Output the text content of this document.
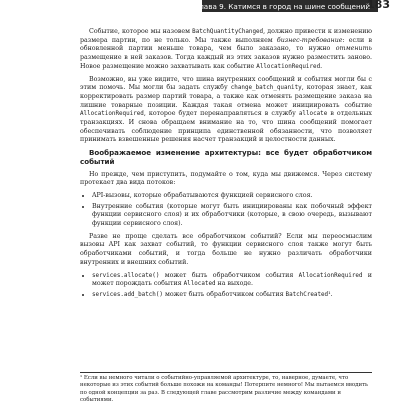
Глава 9. Катимся в город на шине сообщений
183

Событие, которое мы назовем BatchQuantityChanged, должно привести к изменению размера партии, по не только. Мы также выполняем бизнес-требование: если в обновленной партии меньше товара, чем было заказано, то нужно отменить размещение в ней заказов. Тогда каждый из этих заказов нужно разместить заново. Новое размещение можно захватывать как событие AllocationRequired.

Возможно, вы уже видите, что шина внутренних сообщений и события могли бы с этим помочь. Мы могли бы задать службу change_batch_quanity, которая знает, как корректировать размер партий товара, а также как отменять размещение заказа на лишние товарные позиции. Каждая такая отмена может инициировать событие AllocationRequired, которое будет перенаправляться в службу allocate в отдельных транзакциях. И снова обращаем внимание на то, что шина сообщений помогает обеспечивать соблюдение принципа единственной обязанности, что позволяет принимать взвешенные решения насчет транзакций и целостности данных.

Воображаемое изменение архитектуры: все будет обработчиком событий

Но прежде, чем приступить, подумайте о том, куда мы движемся. Через систему протекает два вида потоков:

• API-вызовы, которые обрабатываются функцией сервисного слоя.
• Внутренние события (которые могут быть инициированы как побочный эффект функции сервисного слоя) и их обработчики (которые, в свою очередь, вызывают функции сервисного слоя).

Разве не проще сделать все обработчиком событий? Если мы переосмыслим вызовы API как захват событий, то функции сервисного слоя также могут быть обработчиками событий, и тогда больше не нужно различать обработчики внутренних и внешних событий.

• services.allocate() может быть обработчиком события AllocationRequired и может порождать события Allocated на выходе.
• services.add_batch() может быть обработчиком события BatchCreated¹.

¹ Если вы немного читали о событийно-управляемой архитектуре, то, наверное, думаете, что некоторые из этих событий больше похожи на команды! Потерпите немного! Мы пытаемся вводить по одной концепции за раз. В следующей главе рассмотрим различие между командами и событиями.
